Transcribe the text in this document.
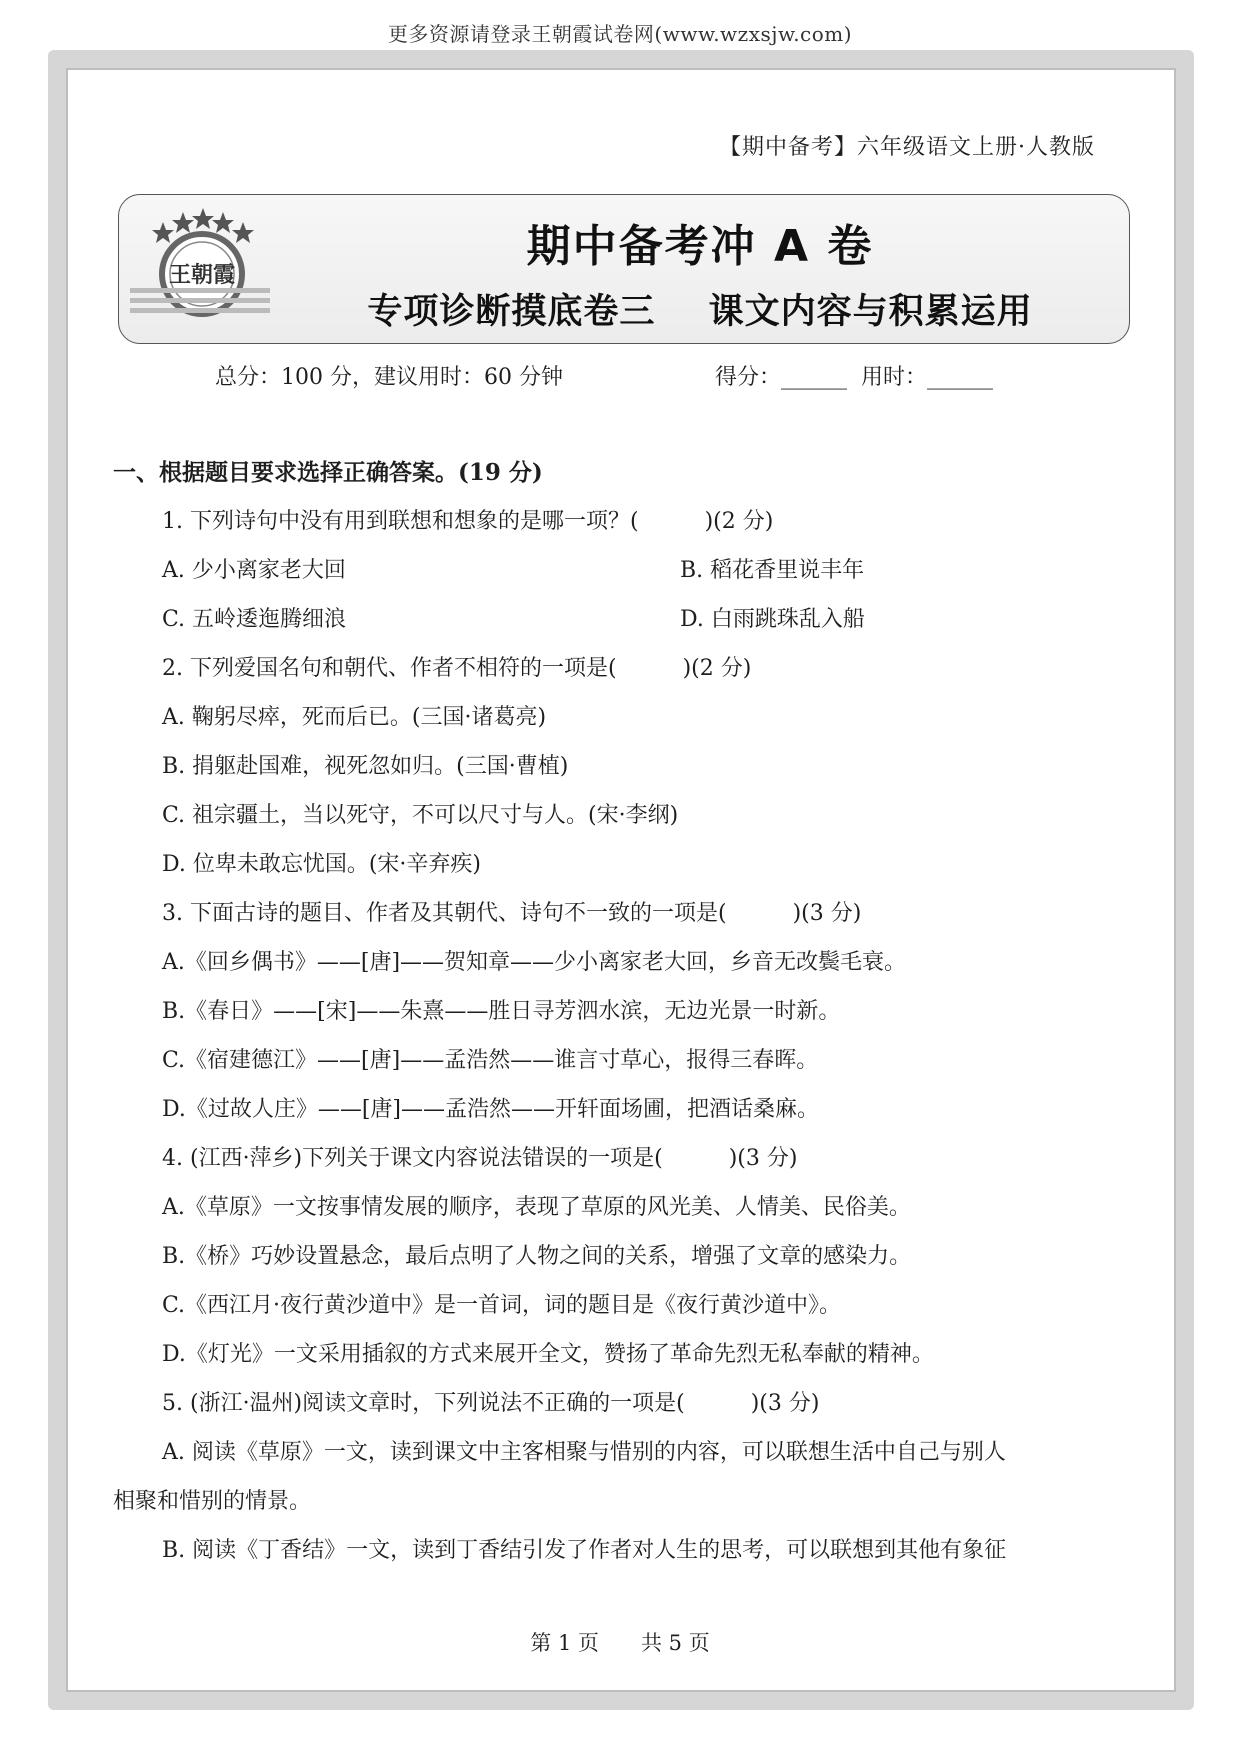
更多资源请登录王朝霞试卷网(www.wzxsjw.com)
【期中备考】六年级语文上册·人教版
王朝霞
期中备考冲 A 卷
专项诊断摸底卷三 课文内容与积累运用
总分：100 分，建议用时：60 分钟	得分：______  用时：______
一、根据题目要求选择正确答案。(19 分)
1. 下列诗句中没有用到联想和想象的是哪一项？(　　　)(2 分)
A. 少小离家老大回	B. 稻花香里说丰年
C. 五岭逶迤腾细浪	D. 白雨跳珠乱入船
2. 下列爱国名句和朝代、作者不相符的一项是(　　　)(2 分)
A. 鞠躬尽瘁，死而后已。(三国·诸葛亮)
B. 捐躯赴国难，视死忽如归。(三国·曹植)
C. 祖宗疆土，当以死守，不可以尺寸与人。(宋·李纲)
D. 位卑未敢忘忧国。(宋·辛弃疾)
3. 下面古诗的题目、作者及其朝代、诗句不一致的一项是(　　　)(3 分)
A.《回乡偶书》——[唐]——贺知章——少小离家老大回，乡音无改鬓毛衰。
B.《春日》——[宋]——朱熹——胜日寻芳泗水滨，无边光景一时新。
C.《宿建德江》——[唐]——孟浩然——谁言寸草心，报得三春晖。
D.《过故人庄》——[唐]——孟浩然——开轩面场圃，把酒话桑麻。
4. (江西·萍乡)下列关于课文内容说法错误的一项是(　　　)(3 分)
A.《草原》一文按事情发展的顺序，表现了草原的风光美、人情美、民俗美。
B.《桥》巧妙设置悬念，最后点明了人物之间的关系，增强了文章的感染力。
C.《西江月·夜行黄沙道中》是一首词，词的题目是《夜行黄沙道中》。
D.《灯光》一文采用插叙的方式来展开全文，赞扬了革命先烈无私奉献的精神。
5. (浙江·温州)阅读文章时，下列说法不正确的一项是(　　　)(3 分)
A. 阅读《草原》一文，读到课文中主客相聚与惜别的内容，可以联想生活中自己与别人
相聚和惜别的情景。
B. 阅读《丁香结》一文，读到丁香结引发了作者对人生的思考，可以联想到其他有象征
第 1 页　　共 5 页
